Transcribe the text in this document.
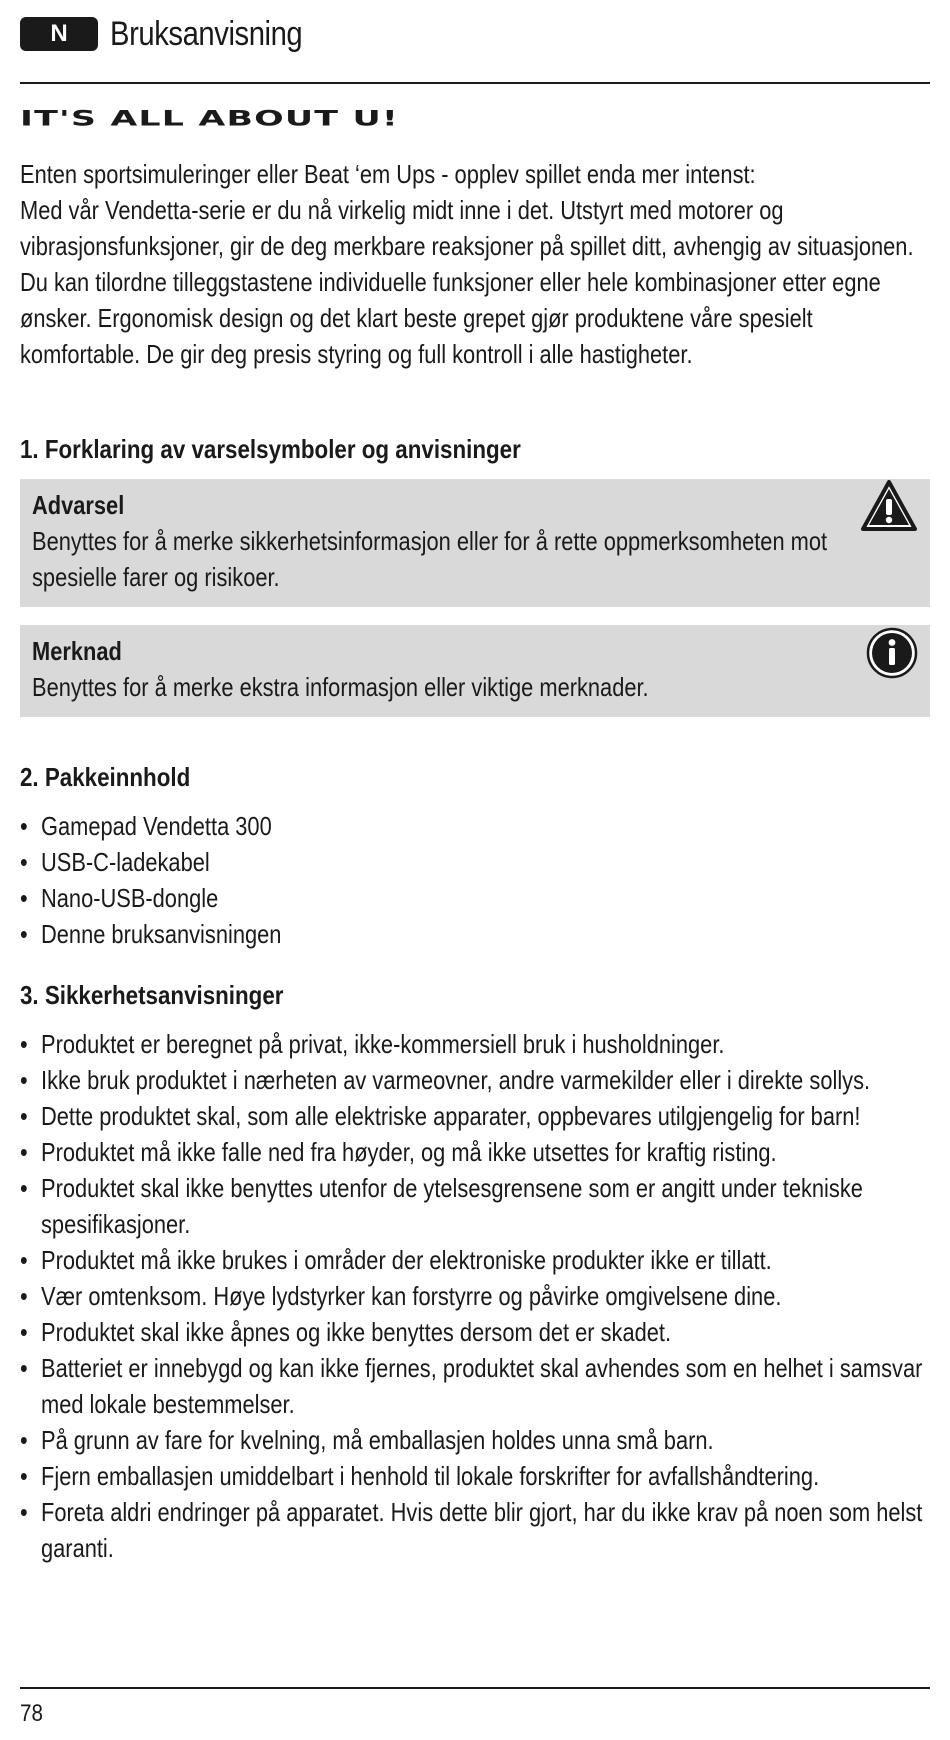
N	Bruksanvisning
IT'S ALL ABOUT U!

Enten sportsimuleringer eller Beat ‘em Ups - opplev spillet enda mer intenst:

Med vår Vendetta-serie er du nå virkelig midt inne i det. Utstyrt med motorer og vibrasjonsfunksjoner, gir de deg merkbare reaksjoner på spillet ditt, avhengig av situasjonen. Du kan tilordne tilleggstastene individuelle funksjoner eller hele kombinasjoner etter egne ønsker. Ergonomisk design og det klart beste grepet gjør produktene våre spesielt komfortable. De gir deg presis styring og full kontroll i alle hastigheter.

1. Forklaring av varselsymboler og anvisninger
Advarsel
Benyttes for å merke sikkerhetsinformasjon eller for å rette oppmerksomheten mot spesielle farer og risikoer.
Merknad
Benyttes for å merke ekstra informasjon eller viktige merknader.
2. Pakkeinnhold
• Gamepad Vendetta 300
• USB-C-ladekabel
• Nano-USB-dongle
• Denne bruksanvisningen
3. Sikkerhetsanvisninger
• Produktet er beregnet på privat, ikke-kommersiell bruk i husholdninger.
• Ikke bruk produktet i nærheten av varmeovner, andre varmekilder eller i direkte sollys.
• Dette produktet skal, som alle elektriske apparater, oppbevares utilgjengelig for barn!
• Produktet må ikke falle ned fra høyder, og må ikke utsettes for kraftig risting.
• Produktet skal ikke benyttes utenfor de ytelsesgrensene som er angitt under tekniske spesifikasjoner.
• Produktet må ikke brukes i områder der elektroniske produkter ikke er tillatt.
• Vær omtenksom. Høye lydstyrker kan forstyrre og påvirke omgivelsene dine.
• Produktet skal ikke åpnes og ikke benyttes dersom det er skadet.
• Batteriet er innebygd og kan ikke fjernes, produktet skal avhendes som en helhet i samsvar med lokale bestemmelser.
• På grunn av fare for kvelning, må emballasjen holdes unna små barn.
• Fjern emballasjen umiddelbart i henhold til lokale forskrifter for avfallshåndtering.
• Foreta aldri endringer på apparatet. Hvis dette blir gjort, har du ikke krav på noen som helst garanti.
78
